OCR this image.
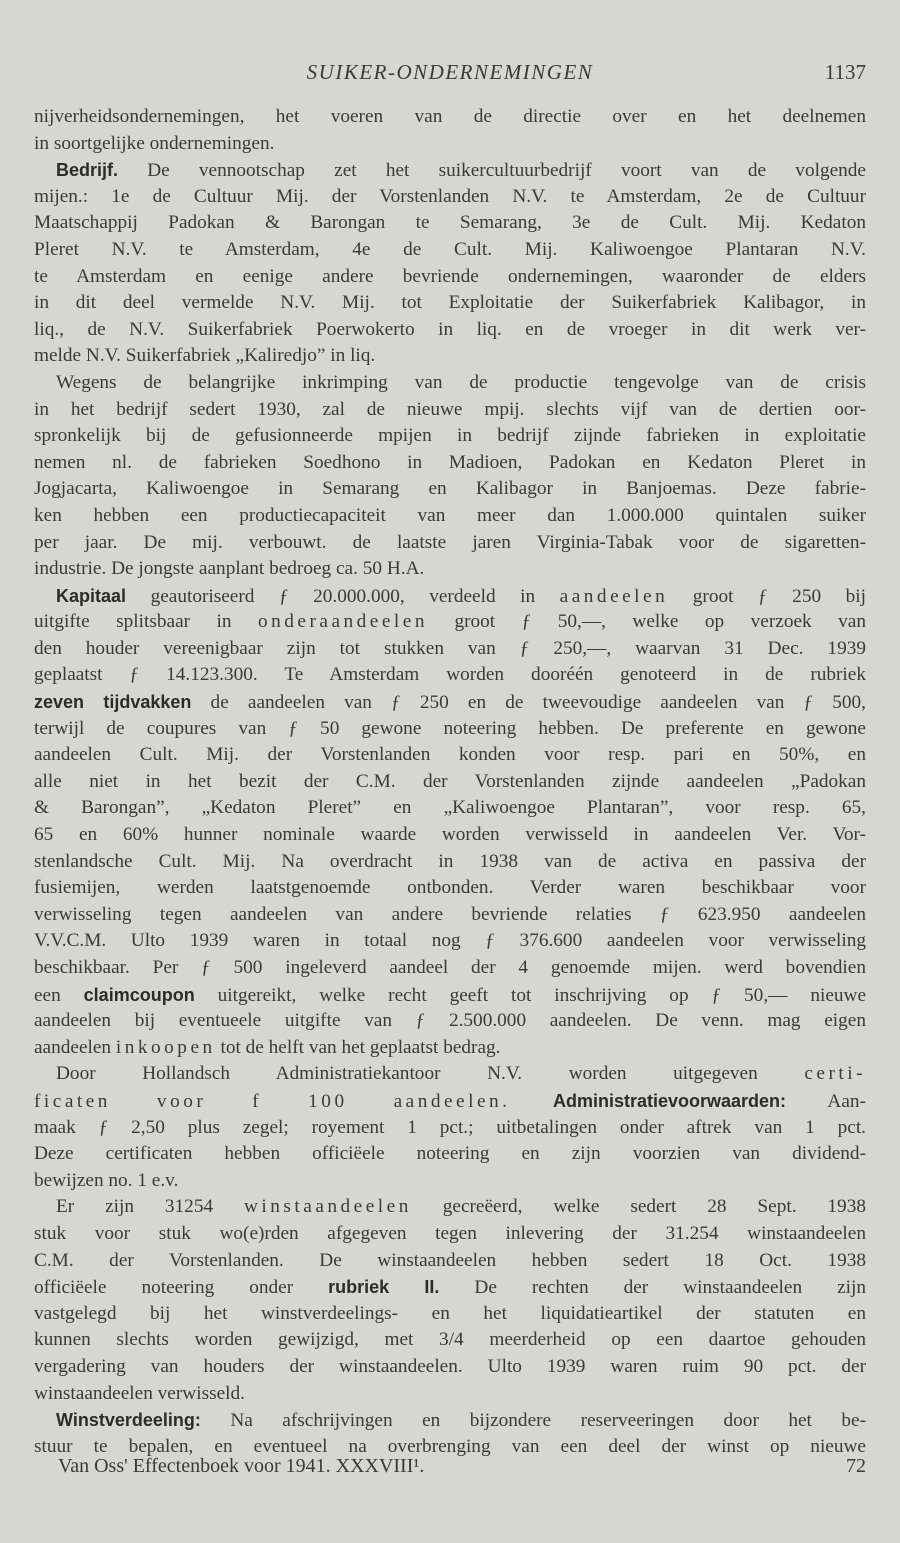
SUIKER-ONDERNEMINGEN	1137
nijverheidsondernemingen, het voeren van de directie over en het deelnemen
in soortgelijke ondernemingen.
Bedrijf. De vennootschap zet het suikercultuurbedrijf voort van de volgende
mijen.: 1e de Cultuur Mij. der Vorstenlanden N.V. te Amsterdam, 2e de Cultuur
Maatschappij Padokan & Barongan te Semarang, 3e de Cult. Mij. Kedaton
Pleret N.V. te Amsterdam, 4e de Cult. Mij. Kaliwoengoe Plantaran N.V.
te Amsterdam en eenige andere bevriende ondernemingen, waaronder de elders
in dit deel vermelde N.V. Mij. tot Exploitatie der Suikerfabriek Kalibagor, in
liq., de N.V. Suikerfabriek Poerwokerto in liq. en de vroeger in dit werk ver-
melde N.V. Suikerfabriek „Kaliredjo” in liq.
Wegens de belangrijke inkrimping van de productie tengevolge van de crisis
in het bedrijf sedert 1930, zal de nieuwe mpij. slechts vijf van de dertien oor-
spronkelijk bij de gefusionneerde mpijen in bedrijf zijnde fabrieken in exploitatie
nemen nl. de fabrieken Soedhono in Madioen, Padokan en Kedaton Pleret in
Jogjacarta, Kaliwoengoe in Semarang en Kalibagor in Banjoemas. Deze fabrie-
ken hebben een productiecapaciteit van meer dan 1.000.000 quintalen suiker
per jaar. De mij. verbouwt. de laatste jaren Virginia-Tabak voor de sigaretten-
industrie. De jongste aanplant bedroeg ca. 50 H.A.
Kapitaal geautoriseerd ƒ 20.000.000, verdeeld in aandeelen groot ƒ 250 bij
uitgifte splitsbaar in onderaandeelen groot ƒ 50,—, welke op verzoek van
den houder vereenigbaar zijn tot stukken van ƒ 250,—, waarvan 31 Dec. 1939
geplaatst ƒ 14.123.300. Te Amsterdam worden dooréén genoteerd in de rubriek
zeven tijdvakken de aandeelen van ƒ 250 en de tweevoudige aandeelen van ƒ 500,
terwijl de coupures van ƒ 50 gewone noteering hebben. De preferente en gewone
aandeelen Cult. Mij. der Vorstenlanden konden voor resp. pari en 50%, en
alle niet in het bezit der C.M. der Vorstenlanden zijnde aandeelen „Padokan
& Barongan”, „Kedaton Pleret” en „Kaliwoengoe Plantaran”, voor resp. 65,
65 en 60% hunner nominale waarde worden verwisseld in aandeelen Ver. Vor-
stenlandsche Cult. Mij. Na overdracht in 1938 van de activa en passiva der
fusiemijen, werden laatstgenoemde ontbonden. Verder waren beschikbaar voor
verwisseling tegen aandeelen van andere bevriende relaties ƒ 623.950 aandeelen
V.V.C.M. Ulto 1939 waren in totaal nog ƒ 376.600 aandeelen voor verwisseling
beschikbaar. Per ƒ 500 ingeleverd aandeel der 4 genoemde mijen. werd bovendien
een claimcoupon uitgereikt, welke recht geeft tot inschrijving op ƒ 50,— nieuwe
aandeelen bij eventueele uitgifte van ƒ 2.500.000 aandeelen. De venn. mag eigen
aandeelen inkoopen tot de helft van het geplaatst bedrag.
Door Hollandsch Administratiekantoor N.V. worden uitgegeven certi-
ficaten voor f 100 aandeelen. Administratievoorwaarden: Aan-
maak ƒ 2,50 plus zegel; royement 1 pct.; uitbetalingen onder aftrek van 1 pct.
Deze certificaten hebben officiëele noteering en zijn voorzien van dividend-
bewijzen no. 1 e.v.
Er zijn 31254 winstaandeelen gecreëerd, welke sedert 28 Sept. 1938
stuk voor stuk wo(e)rden afgegeven tegen inlevering der 31.254 winstaandeelen
C.M. der Vorstenlanden. De winstaandeelen hebben sedert 18 Oct. 1938
officiëele noteering onder rubriek II. De rechten der winstaandeelen zijn
vastgelegd bij het winstverdeelings- en het liquidatieartikel der statuten en
kunnen slechts worden gewijzigd, met 3/4 meerderheid op een daartoe gehouden
vergadering van houders der winstaandeelen. Ulto 1939 waren ruim 90 pct. der
winstaandeelen verwisseld.
Winstverdeeling: Na afschrijvingen en bijzondere reserveeringen door het be-
stuur te bepalen, en eventueel na overbrenging van een deel der winst op nieuwe
Van Oss' Effectenboek voor 1941. XXXVIII¹.	72
